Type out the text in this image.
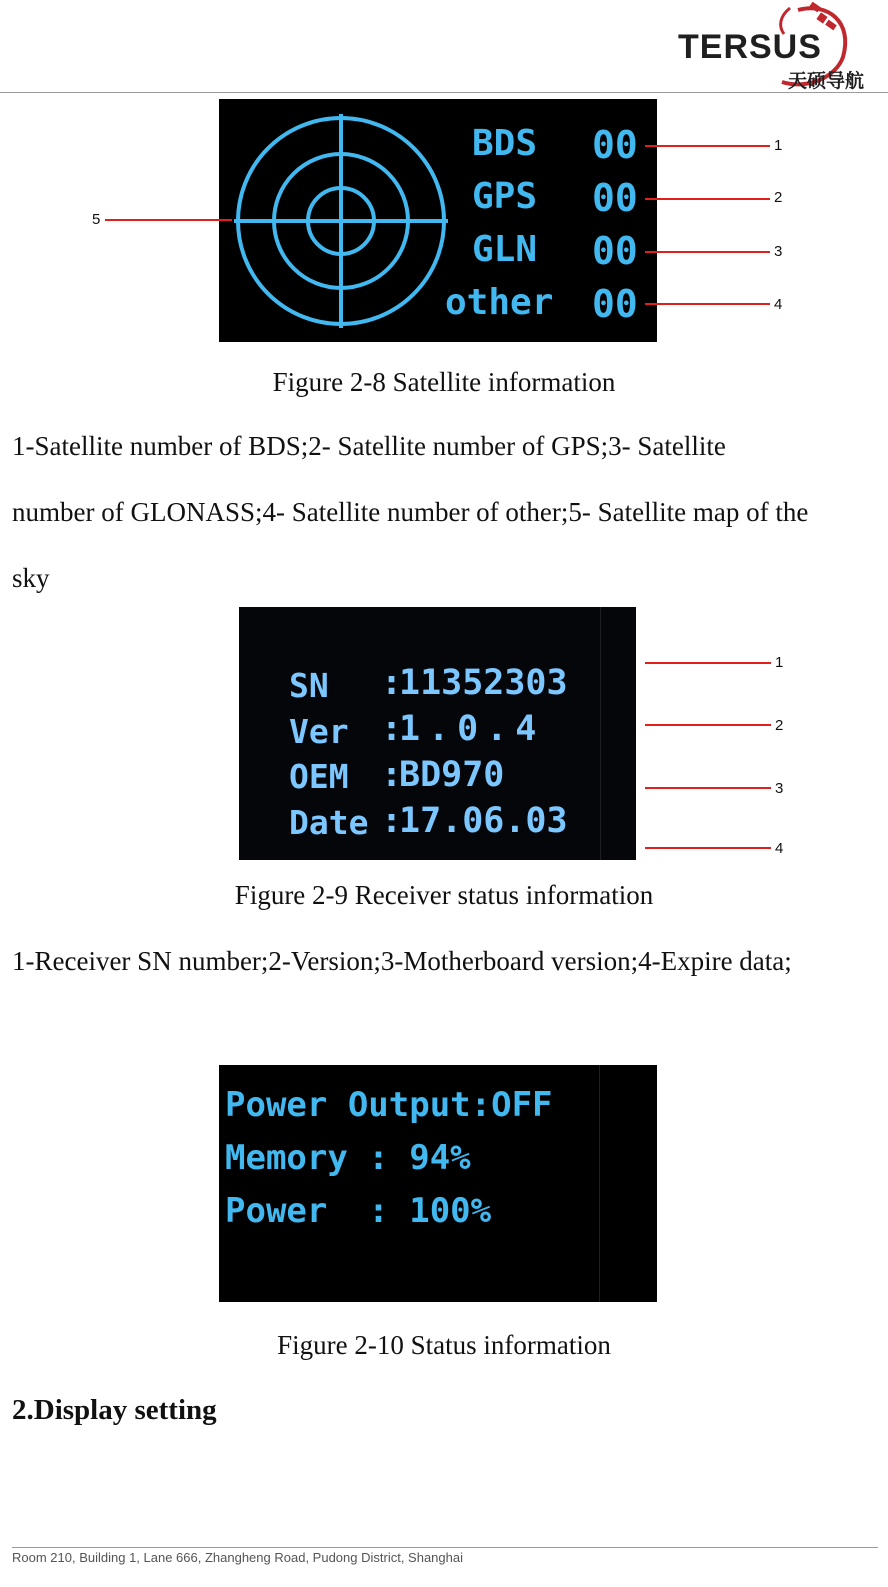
TERSUS
天硕导航
BDS 00
GPS 00
GLN 00
other 00
1
2
3
4
5
Figure 2-8 Satellite information
1-Satellite number of BDS;2- Satellite number of GPS;3- Satellite
number of GLONASS;4- Satellite number of other;5- Satellite map of the
sky
SN :
11352303
Ver :
1.0.4
OEM :
BD970
Date :
17.06.03
1
2
3
4
Figure 2-9 Receiver status information
1-Receiver SN number;2-Version;3-Motherboard version;4-Expire data;
Power Output:OFF
Memory : 94%
Power  : 100%
Figure 2-10 Status information
2.Display setting
Room 210, Building 1, Lane 666, Zhangheng Road, Pudong District, Shanghai
